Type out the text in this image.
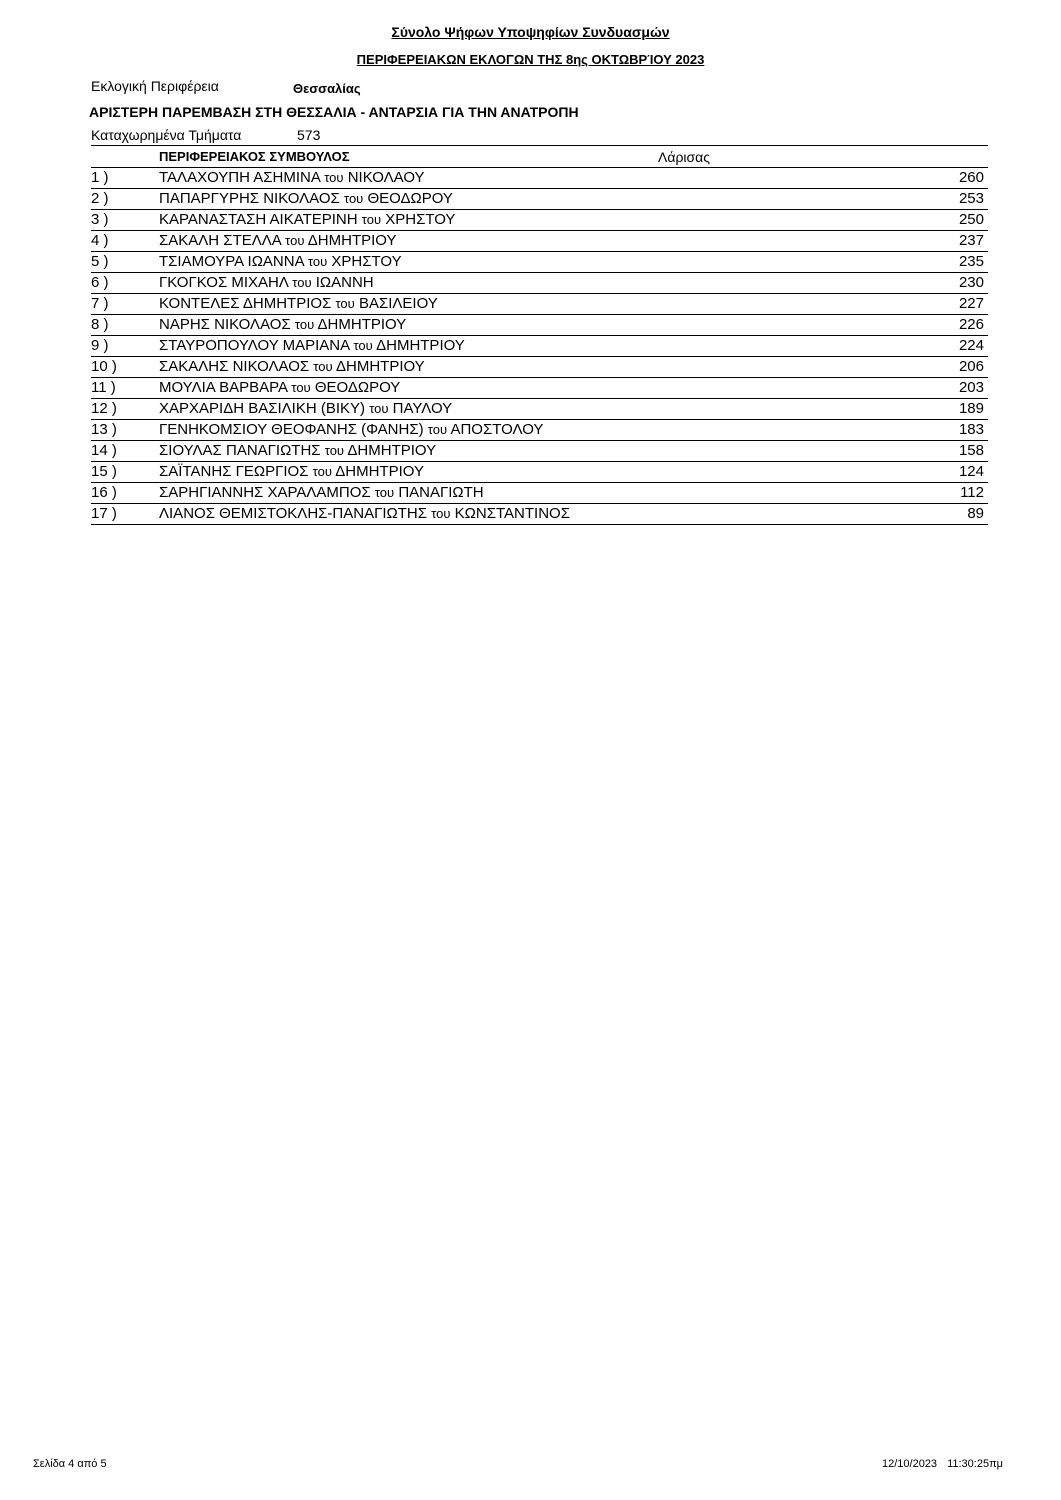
Σύνολο Ψήφων Υποψηφίων Συνδυασμών
ΠΕΡΙΦΕΡΕΙΑΚΩΝ ΕΚΛΟΓΩΝ ΤΗΣ 8ης ΟΚΤΩΒΡΊΟΥ 2023
Εκλογική Περιφέρεια	Θεσσαλίας
ΑΡΙΣΤΕΡΗ ΠΑΡΕΜΒΑΣΗ ΣΤΗ ΘΕΣΣΑΛΙΑ - ΑΝΤΑΡΣΙΑ ΓΙΑ ΤΗΝ ΑΝΑΤΡΟΠΗ
Καταχωρημένα Τμήματα	573
ΠΕΡΙΦΕΡΕΙΑΚΟΣ ΣΥΜΒΟΥΛΟΣ	Λάρισας
1 )	ΤΑΛΑΧΟΥΠΗ ΑΣΗΜΙΝΑ του ΝΙΚΟΛΑΟΥ	260
2 )	ΠΑΠΑΡΓΥΡΗΣ ΝΙΚΟΛΑΟΣ του ΘΕΟΔΩΡΟΥ	253
3 )	ΚΑΡΑΝΑΣΤΑΣΗ ΑΙΚΑΤΕΡΙΝΗ του ΧΡΗΣΤΟΥ	250
4 )	ΣΑΚΑΛΗ ΣΤΕΛΛΑ του ΔΗΜΗΤΡΙΟΥ	237
5 )	ΤΣΙΑΜΟΥΡΑ ΙΩΑΝΝΑ του ΧΡΗΣΤΟΥ	235
6 )	ΓΚΟΓΚΟΣ ΜΙΧΑΗΛ του ΙΩΑΝΝΗ	230
7 )	ΚΟΝΤΕΛΕΣ ΔΗΜΗΤΡΙΟΣ του ΒΑΣΙΛΕΙΟΥ	227
8 )	ΝΑΡΗΣ ΝΙΚΟΛΑΟΣ του ΔΗΜΗΤΡΙΟΥ	226
9 )	ΣΤΑΥΡΟΠΟΥΛΟΥ ΜΑΡΙΑΝΑ του ΔΗΜΗΤΡΙΟΥ	224
10 )	ΣΑΚΑΛΗΣ ΝΙΚΟΛΑΟΣ του ΔΗΜΗΤΡΙΟΥ	206
11 )	ΜΟΥΛΙΑ ΒΑΡΒΑΡΑ του ΘΕΟΔΩΡΟΥ	203
12 )	ΧΑΡΧΑΡΙΔΗ ΒΑΣΙΛΙΚΗ (ΒΙΚΥ) του ΠΑΥΛΟΥ	189
13 )	ΓΕΝΗΚΟΜΣΙΟΥ ΘΕΟΦΑΝΗΣ (ΦΑΝΗΣ) του ΑΠΟΣΤΟΛΟΥ	183
14 )	ΣΙΟΥΛΑΣ ΠΑΝΑΓΙΩΤΗΣ του ΔΗΜΗΤΡΙΟΥ	158
15 )	ΣΑΪΤΑΝΗΣ ΓΕΩΡΓΙΟΣ του ΔΗΜΗΤΡΙΟΥ	124
16 )	ΣΑΡΗΓΙΑΝΝΗΣ ΧΑΡΑΛΑΜΠΟΣ του ΠΑΝΑΓΙΩΤΗ	112
17 )	ΛΙΑΝΟΣ ΘΕΜΙΣΤΟΚΛΗΣ-ΠΑΝΑΓΙΩΤΗΣ του ΚΩΝΣΤΑΝΤΙΝΟΣ	89
Σελίδα 4 από 5	12/10/2023 11:30:25πμ
